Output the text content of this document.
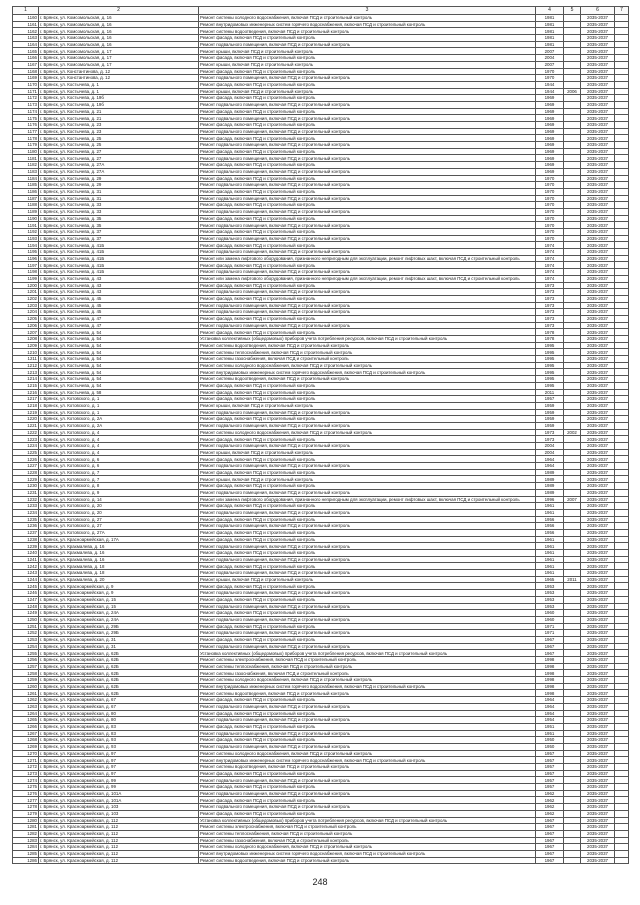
1	2	3	4	5	6	7
1160	г. Брянск, ул. Комсомольская, д. 16	Ремонт системы холодного водоснабжения, включая ПСД и строительный контроль	1981		2035-2037	
1161	г. Брянск, ул. Комсомольская, д. 16	Ремонт внутридомовых инженерных систем горячего водоснабжения, включая ПСД и строительный контроль	1981		2035-2037	
1162	г. Брянск, ул. Комсомольская, д. 16	Ремонт системы водоотведения, включая ПСД и строительный контроль	1981		2035-2037	
1163	г. Брянск, ул. Комсомольская, д. 16	Ремонт фасада, включая ПСД и строительный контроль	1981		2035-2037	
1164	г. Брянск, ул. Комсомольская, д. 16	Ремонт подвального помещения, включая ПСД и строительный контроль	1981		2035-2037	
1165	г. Брянск, ул. Комсомольская, д. 17	Ремонт крыши, включая ПСД и строительный контроль	2007		2035-2037	
1166	г. Брянск, ул. Комсомольская, д. 17	Ремонт фасада, включая ПСД и строительный контроль	2004		2035-2037	
1167	г. Брянск, ул. Комсомольская, д. 17	Ремонт крыши, включая ПСД и строительный контроль	2007		2035-2037	
1168	г. Брянск, ул. Константинова, д. 12	Ремонт фасада, включая ПСД и строительный контроль	1970		2035-2037	
1169	г. Брянск, ул. Константинова, д. 12	Ремонт подвального помещения, включая ПСД и строительный контроль	1970		2035-2037	
1170	г. Брянск, ул. Костычева, д. 1	Ремонт фасада, включая ПСД и строительный контроль	1944		2035-2037	
1171	г. Брянск, ул. Костычева, д. 1	Ремонт крыши, включая ПСД и строительный контроль	1944	2006	2035-2037	
1172	г. Брянск, ул. Костычева, д. 19б	Ремонт фасада, включая ПСД и строительный контроль	1969		2035-2037	
1173	г. Брянск, ул. Костычева, д. 19б	Ремонт подвального помещения, включая ПСД и строительный контроль	1969		2035-2037	
1174	г. Брянск, ул. Костычева, д. 21	Ремонт фасада, включая ПСД и строительный контроль	1969		2035-2037	
1175	г. Брянск, ул. Костычева, д. 21	Ремонт подвального помещения, включая ПСД и строительный контроль	1969		2035-2037	
1176	г. Брянск, ул. Костычева, д. 23	Ремонт фасада, включая ПСД и строительный контроль	1969		2035-2037	
1177	г. Брянск, ул. Костычева, д. 23	Ремонт подвального помещения, включая ПСД и строительный контроль	1969		2035-2037	
1178	г. Брянск, ул. Костычева, д. 25	Ремонт фасада, включая ПСД и строительный контроль	1969		2035-2037	
1179	г. Брянск, ул. Костычева, д. 25	Ремонт подвального помещения, включая ПСД и строительный контроль	1969		2035-2037	
1180	г. Брянск, ул. Костычева, д. 27	Ремонт фасада, включая ПСД и строительный контроль	1969		2035-2037	
1181	г. Брянск, ул. Костычева, д. 27	Ремонт подвального помещения, включая ПСД и строительный контроль	1969		2035-2037	
1182	г. Брянск, ул. Костычева, д. 27А	Ремонт фасада, включая ПСД и строительный контроль	1969		2035-2037	
1183	г. Брянск, ул. Костычева, д. 27А	Ремонт подвального помещения, включая ПСД и строительный контроль	1969		2035-2037	
1184	г. Брянск, ул. Костычева, д. 29	Ремонт фасада, включая ПСД и строительный контроль	1970		2035-2037	
1185	г. Брянск, ул. Костычева, д. 29	Ремонт подвального помещения, включая ПСД и строительный контроль	1970		2035-2037	
1186	г. Брянск, ул. Костычева, д. 31	Ремонт фасада, включая ПСД и строительный контроль	1970		2035-2037	
1187	г. Брянск, ул. Костычева, д. 31	Ремонт подвального помещения, включая ПСД и строительный контроль	1970		2035-2037	
1188	г. Брянск, ул. Костычева, д. 33	Ремонт фасада, включая ПСД и строительный контроль	1970		2035-2037	
1189	г. Брянск, ул. Костычева, д. 33	Ремонт подвального помещения, включая ПСД и строительный контроль	1970		2035-2037	
1190	г. Брянск, ул. Костычева, д. 35	Ремонт фасада, включая ПСД и строительный контроль	1970		2035-2037	
1191	г. Брянск, ул. Костычева, д. 35	Ремонт подвального помещения, включая ПСД и строительный контроль	1970		2035-2037	
1192	г. Брянск, ул. Костычева, д. 37	Ремонт фасада, включая ПСД и строительный контроль	1970		2035-2037	
1193	г. Брянск, ул. Костычева, д. 37	Ремонт подвального помещения, включая ПСД и строительный контроль	1970		2035-2037	
1194	г. Брянск, ул. Костычева, д. 41Б	Ремонт фасада, включая ПСД и строительный контроль	1974		2035-2037	
1195	г. Брянск, ул. Костычева, д. 41Б	Ремонт подвального помещения, включая ПСД и строительный контроль	1974		2035-2037	
1196	г. Брянск, ул. Костычева, д. 41Б	Ремонт или замена лифтового оборудования, признанного непригодным для эксплуатации, ремонт лифтовых шахт, включая ПСД и строительный контроль	1974		2035-2037	
1197	г. Брянск, ул. Костычева, д. 41Б	Ремонт фасада, включая ПСД и строительный контроль	1974		2035-2037	
1198	г. Брянск, ул. Костычева, д. 41Б	Ремонт подвального помещения, включая ПСД и строительный контроль	1974		2035-2037	
1199	г. Брянск, ул. Костычева, д. 43	Ремонт или замена лифтового оборудования, признанного непригодным для эксплуатации, ремонт лифтовых шахт, включая ПСД и строительный контроль	1974		2035-2037	
1200	г. Брянск, ул. Костычева, д. 43	Ремонт фасада, включая ПСД и строительный контроль	1973		2035-2037	
1201	г. Брянск, ул. Костычева, д. 43	Ремонт подвального помещения, включая ПСД и строительный контроль	1973		2035-2037	
1202	г. Брянск, ул. Костычева, д. 45	Ремонт фасада, включая ПСД и строительный контроль	1973		2035-2037	
1203	г. Брянск, ул. Костычева, д. 45	Ремонт подвального помещения, включая ПСД и строительный контроль	1973		2035-2037	
1204	г. Брянск, ул. Костычева, д. 45	Ремонт подвального помещения, включая ПСД и строительный контроль	1973		2035-2037	
1205	г. Брянск, ул. Костычева, д. 47	Ремонт фасада, включая ПСД и строительный контроль	1973		2035-2037	
1206	г. Брянск, ул. Костычева, д. 47	Ремонт подвального помещения, включая ПСД и строительный контроль	1973		2035-2037	
1207	г. Брянск, ул. Костычева, д. 54	Ремонт фасада, включая ПСД и строительный контроль	1978		2035-2037	
1208	г. Брянск, ул. Костычева, д. 54	Установка коллективных (общедомовых) приборов учета потребления ресурсов, включая ПСД и строительный контроль	1978		2035-2037	
1209	г. Брянск, ул. Костычева, д. 54	Ремонт системы водоотведения, включая ПСД и строительный контроль	1995		2035-2037	
1210	г. Брянск, ул. Костычева, д. 54	Ремонт системы теплоснабжения, включая ПСД и строительный контроль	1995		2035-2037	
1211	г. Брянск, ул. Костычева, д. 54	Ремонт системы газоснабжения, включая ПСД и строительный контроль	1995		2035-2037	
1212	г. Брянск, ул. Костычева, д. 54	Ремонт системы холодного водоснабжения, включая ПСД и строительный контроль	1995		2035-2037	
1213	г. Брянск, ул. Костычева, д. 54	Ремонт внутридомовых инженерных систем горячего водоснабжения, включая ПСД и строительный контроль	1995		2035-2037	
1214	г. Брянск, ул. Костычева, д. 54	Ремонт системы водоотведения, включая ПСД и строительный контроль	1995		2035-2037	
1215	г. Брянск, ул. Костычева, д. 54	Ремонт фасада, включая ПСД и строительный контроль	1995		2035-2037	
1216	г. Брянск, ул. Костычева, д. 58	Ремонт фасада, включая ПСД и строительный контроль	2011		2035-2037	
1217	г. Брянск, ул. Котовского, д. 1	Ремонт фасада, включая ПСД и строительный контроль	1957		2035-2037	
1218	г. Брянск, ул. Котовского, д. 1	Ремонт крыши, включая ПСД и строительный контроль	1959		2035-2037	
1219	г. Брянск, ул. Котовского, д. 1	Ремонт подвального помещения, включая ПСД и строительный контроль	1959		2035-2037	
1220	г. Брянск, ул. Котовского, д. 2А	Ремонт фасада, включая ПСД и строительный контроль	1959		2035-2037	
1221	г. Брянск, ул. Котовского, д. 2А	Ремонт подвального помещения, включая ПСД и строительный контроль	1959		2035-2037	
1222	г. Брянск, ул. Котовского, д. 4	Ремонт системы холодного водоснабжения, включая ПСД и строительный контроль	1973	2002	2035-2037	
1223	г. Брянск, ул. Котовского, д. 4	Ремонт фасада, включая ПСД и строительный контроль	1973		2035-2037	
1224	г. Брянск, ул. Котовского, д. 4	Ремонт подвального помещения, включая ПСД и строительный контроль	2004		2035-2037	
1225	г. Брянск, ул. Котовского, д. 4	Ремонт крыши, включая ПСД и строительный контроль	2004		2035-2037	
1226	г. Брянск, ул. Котовского, д. 6	Ремонт фасада, включая ПСД и строительный контроль	1964		2035-2037	
1227	г. Брянск, ул. Котовского, д. 6	Ремонт подвального помещения, включая ПСД и строительный контроль	1964		2035-2037	
1228	г. Брянск, ул. Котовского, д. 7	Ремонт фасада, включая ПСД и строительный контроль	1989		2035-2037	
1229	г. Брянск, ул. Котовского, д. 7	Ремонт крыши, включая ПСД и строительный контроль	1989		2035-2037	
1230	г. Брянск, ул. Котовского, д. 8	Ремонт фасада, включая ПСД и строительный контроль	1989		2035-2037	
1231	г. Брянск, ул. Котовского, д. 9	Ремонт подвального помещения, включая ПСД и строительный контроль	1989		2035-2037	
1232	г. Брянск, ул. Котовского, д. 14	Ремонт или замена лифтового оборудования, признанного непригодным для эксплуатации, ремонт лифтовых шахт, включая ПСД и строительный контроль	1996	2007	2035-2037	
1233	г. Брянск, ул. Котовского, д. 20	Ремонт фасада, включая ПСД и строительный контроль	1961		2035-2037	
1234	г. Брянск, ул. Котовского, д. 20	Ремонт подвального помещения, включая ПСД и строительный контроль	1961		2035-2037	
1235	г. Брянск, ул. Котовского, д. 27	Ремонт фасада, включая ПСД и строительный контроль	1956		2035-2037	
1236	г. Брянск, ул. Котовского, д. 27	Ремонт подвального помещения, включая ПСД и строительный контроль	1956		2035-2037	
1237	г. Брянск, ул. Котовского, д. 27А	Ремонт фасада, включая ПСД и строительный контроль	1956		2035-2037	
1238	г. Брянск, ул. Красноармейская, д. 17А	Ремонт фасада, включая ПСД и строительный контроль	1961		2035-2037	
1239	г. Брянск, ул. Крахмалева, д. 16	Ремонт подвального помещения, включая ПСД и строительный контроль	1961		2035-2037	
1240	г. Брянск, ул. Крахмалева, д. 16	Ремонт фасада, включая ПСД и строительный контроль	1961		2035-2037	
1241	г. Брянск, ул. Крахмалева, д. 16	Ремонт подвального помещения, включая ПСД и строительный контроль	1961		2035-2037	
1242	г. Брянск, ул. Крахмалева, д. 18	Ремонт фасада, включая ПСД и строительный контроль	1961		2035-2037	
1243	г. Брянск, ул. Крахмалева, д. 18	Ремонт подвального помещения, включая ПСД и строительный контроль	1961		2035-2037	
1244	г. Брянск, ул. Крахмалева, д. 20	Ремонт крыши, включая ПСД и строительный контроль	1965	2011	2035-2037	
1245	г. Брянск, ул. Красноармейская, д. 9	Ремонт фасада, включая ПСД и строительный контроль	1953		2035-2037	
1246	г. Брянск, ул. Красноармейская, д. 9	Ремонт подвального помещения, включая ПСД и строительный контроль	1953		2035-2037	
1247	г. Брянск, ул. Красноармейская, д. 15	Ремонт фасада, включая ПСД и строительный контроль	1953		2035-2037	
1248	г. Брянск, ул. Красноармейская, д. 15	Ремонт подвального помещения, включая ПСД и строительный контроль	1953		2035-2037	
1249	г. Брянск, ул. Красноармейская, д. 24А	Ремонт фасада, включая ПСД и строительный контроль	1960		2035-2037	
1250	г. Брянск, ул. Красноармейская, д. 24А	Ремонт подвального помещения, включая ПСД и строительный контроль	1960		2035-2037	
1251	г. Брянск, ул. Красноармейская, д. 29Б	Ремонт фасада, включая ПСД и строительный контроль	1971		2035-2037	
1252	г. Брянск, ул. Красноармейская, д. 29Б	Ремонт подвального помещения, включая ПСД и строительный контроль	1971		2035-2037	
1253	г. Брянск, ул. Красноармейская, д. 31	Ремонт фасада, включая ПСД и строительный контроль	1967		2035-2037	
1254	г. Брянск, ул. Красноармейская, д. 31	Ремонт подвального помещения, включая ПСД и строительный контроль	1967		2035-2037	
1255	г. Брянск, ул. Красноармейская, д. 62Б	Установка коллективных (общедомовых) приборов учета потребления ресурсов, включая ПСД и строительный контроль	1967		2035-2037	
1256	г. Брянск, ул. Красноармейская, д. 62Б	Ремонт системы электроснабжения, включая ПСД и строительный контроль	1998		2035-2037	
1257	г. Брянск, ул. Красноармейская, д. 62Б	Ремонт системы теплоснабжения, включая ПСД и строительный контроль	1998		2035-2037	
1258	г. Брянск, ул. Красноармейская, д. 62Б	Ремонт системы газоснабжения, включая ПСД и строительный контроль	1998		2035-2037	
1259	г. Брянск, ул. Красноармейская, д. 62Б	Ремонт системы холодного водоснабжения, включая ПСД и строительный контроль	1998		2035-2037	
1260	г. Брянск, ул. Красноармейская, д. 62Б	Ремонт внутридомовых инженерных систем горячего водоснабжения, включая ПСД и строительный контроль	1998		2035-2037	
1261	г. Брянск, ул. Красноармейская, д. 62Б	Ремонт системы водоотведения, включая ПСД и строительный контроль	1998		2035-2037	
1262	г. Брянск, ул. Красноармейская, д. 67	Ремонт фасада, включая ПСД и строительный контроль	1964		2035-2037	
1263	г. Брянск, ул. Красноармейская, д. 67	Ремонт подвального помещения, включая ПСД и строительный контроль	1964		2035-2037	
1264	г. Брянск, ул. Красноармейская, д. 80	Ремонт фасада, включая ПСД и строительный контроль	1954		2035-2037	
1265	г. Брянск, ул. Красноармейская, д. 80	Ремонт подвального помещения, включая ПСД и строительный контроль	1954		2035-2037	
1266	г. Брянск, ул. Красноармейская, д. 83	Ремонт фасада, включая ПСД и строительный контроль	1951		2035-2037	
1267	г. Брянск, ул. Красноармейская, д. 83	Ремонт подвального помещения, включая ПСД и строительный контроль	1951		2035-2037	
1268	г. Брянск, ул. Красноармейская, д. 93	Ремонт фасада, включая ПСД и строительный контроль	1950		2035-2037	
1269	г. Брянск, ул. Красноармейская, д. 93	Ремонт подвального помещения, включая ПСД и строительный контроль	1950		2035-2037	
1270	г. Брянск, ул. Красноармейская, д. 97	Ремонт системы холодного водоснабжения, включая ПСД и строительный контроль	1957		2035-2037	
1271	г. Брянск, ул. Красноармейская, д. 97	Ремонт внутридомовых инженерных систем горячего водоснабжения, включая ПСД и строительный контроль	1957		2035-2037	
1272	г. Брянск, ул. Красноармейская, д. 97	Ремонт системы водоотведения, включая ПСД и строительный контроль	1957		2035-2037	
1273	г. Брянск, ул. Красноармейская, д. 97	Ремонт фасада, включая ПСД и строительный контроль	1957		2035-2037	
1274	г. Брянск, ул. Красноармейская, д. 99	Ремонт подвального помещения, включая ПСД и строительный контроль	1957		2035-2037	
1275	г. Брянск, ул. Красноармейская, д. 99	Ремонт фасада, включая ПСД и строительный контроль	1957		2035-2037	
1276	г. Брянск, ул. Красноармейская, д. 101А	Ремонт подвального помещения, включая ПСД и строительный контроль	1962		2035-2037	
1277	г. Брянск, ул. Красноармейская, д. 101А	Ремонт фасада, включая ПСД и строительный контроль	1962		2035-2037	
1278	г. Брянск, ул. Красноармейская, д. 103	Ремонт подвального помещения, включая ПСД и строительный контроль	1962		2035-2037	
1279	г. Брянск, ул. Красноармейская, д. 103	Ремонт фасада, включая ПСД и строительный контроль	1962		2035-2037	
1280	г. Брянск, ул. Красноармейская, д. 112	Установка коллективных (общедомовых) приборов учета потребления ресурсов, включая ПСД и строительный контроль	1967		2035-2037	
1281	г. Брянск, ул. Красноармейская, д. 112	Ремонт системы электроснабжения, включая ПСД и строительный контроль	1967		2035-2037	
1282	г. Брянск, ул. Красноармейская, д. 112	Ремонт системы теплоснабжения, включая ПСД и строительный контроль	1967		2035-2037	
1283	г. Брянск, ул. Красноармейская, д. 112	Ремонт системы газоснабжения, включая ПСД и строительный контроль	1967		2035-2037	
1284	г. Брянск, ул. Красноармейская, д. 112	Ремонт системы холодного водоснабжения, включая ПСД и строительный контроль	1967		2035-2037	
1285	г. Брянск, ул. Красноармейская, д. 112	Ремонт внутридомовых инженерных систем горячего водоснабжения, включая ПСД и строительный контроль	1967		2035-2037	
1286	г. Брянск, ул. Красноармейская, д. 112	Ремонт системы водоотведения, включая ПСД и строительный контроль	1967		2035-2037	
248
